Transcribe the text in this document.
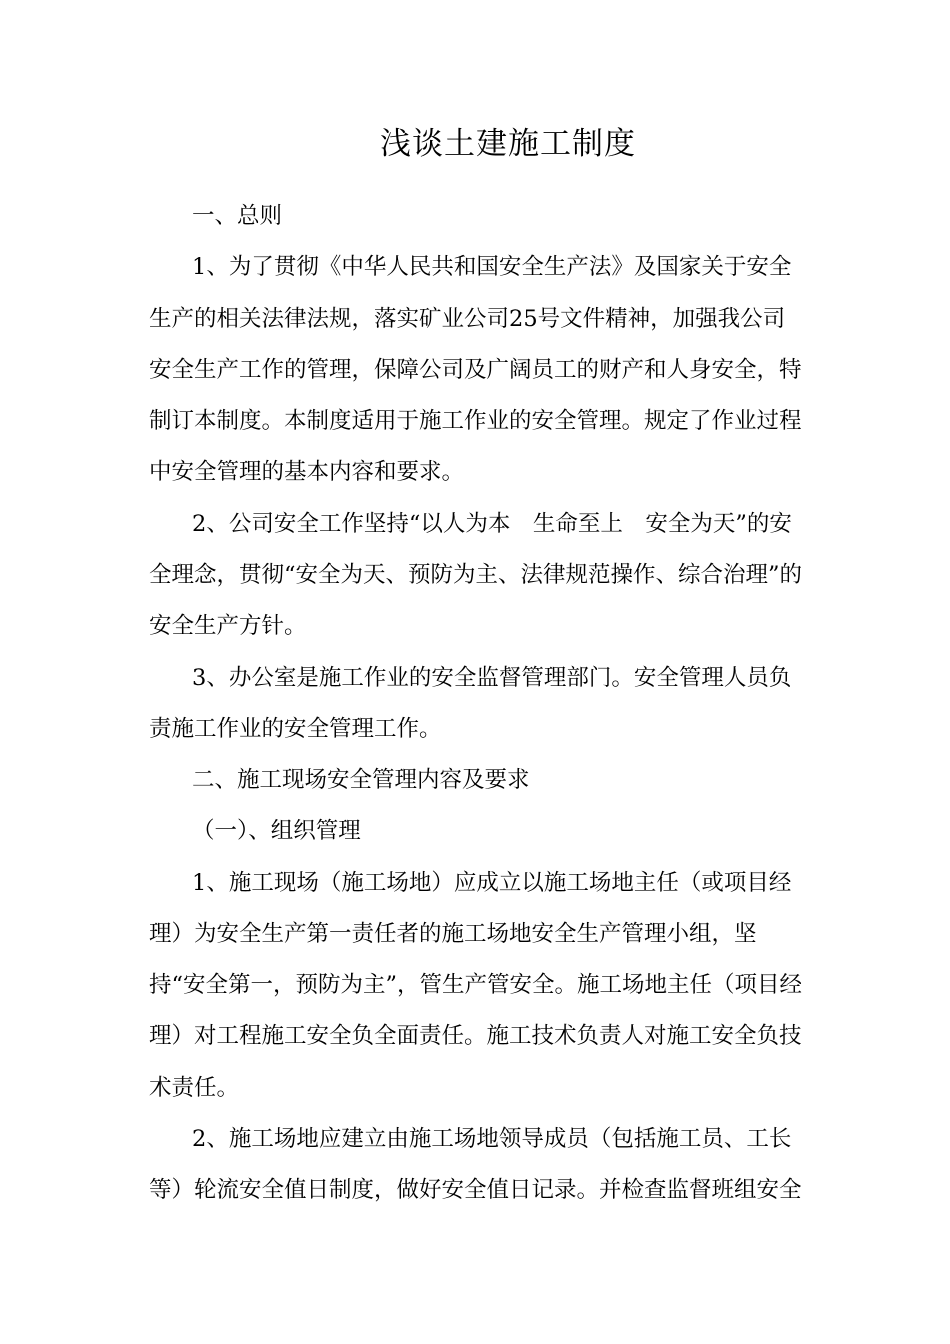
浅谈土建施工制度

一、总则

1、为了贯彻《中华人民共和国安全生产法》及国家关于安全

生产的相关法律法规，落实矿业公司25号文件精神，加强我公司

安全生产工作的管理，保障公司及广阔员工的财产和人身安全，特

制订本制度。本制度适用于施工作业的安全管理。规定了作业过程

中安全管理的基本内容和要求。

2、公司安全工作坚持“以人为本　生命至上　安全为天”的安

全理念，贯彻“安全为天、预防为主、法律规范操作、综合治理”的

安全生产方针。

3、办公室是施工作业的安全监督管理部门。安全管理人员负

责施工作业的安全管理工作。

二、施工现场安全管理内容及要求

（一）、组织管理

1、施工现场（施工场地）应成立以施工场地主任（或项目经

理）为安全生产第一责任者的施工场地安全生产管理小组，坚

持“安全第一，预防为主”，管生产管安全。施工场地主任（项目经

理）对工程施工安全负全面责任。施工技术负责人对施工安全负技

术责任。

2、施工场地应建立由施工场地领导成员（包括施工员、工长

等）轮流安全值日制度，做好安全值日记录。并检查监督班组安全
